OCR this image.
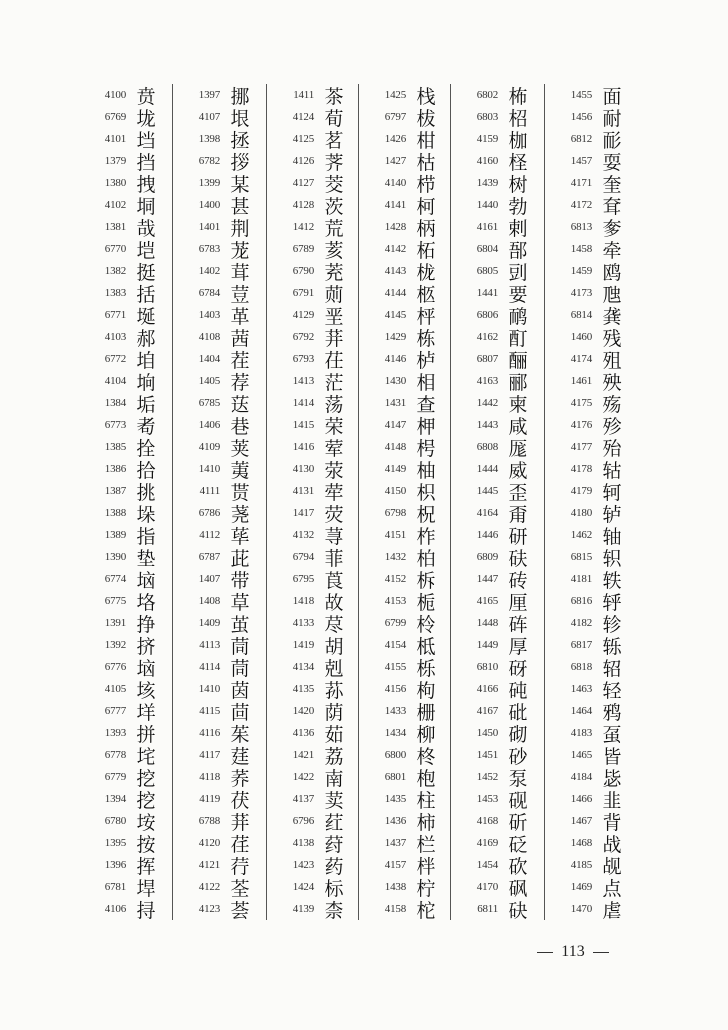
4100 贲
6769 垅
4101 垱
1379 挡
1380 拽
4102 垌
1381 哉
6770 垲
1382 挺
1383 括
6771 埏
4103 郝
6772 垍
4104 垧
1384 垢
6773 耇
1385 拴
1386 拾
1387 挑
1388 垛
1389 指
1390 垫
6774 垴
6775 垎
1391 挣
1392 挤
6776 垴
4105 垓
6777 垟
1393 拼
6778 垞
6779 挖
1394 挖
6780 垵
1395 按
1396 挥
6781 垾
4106 挦
1397 挪
4107 垠
1398 拯
6782 拶
1399 某
1400 甚
1401 荆
6783 茏
1402 茸
6784 荳
1403 革
4108 茜
1404 茬
1405 荐
6785 荙
1406 巷
4109 荚
1410 荑
4111 贳
6786 荛
4112 荜
6787 茈
1407 带
1408 草
1409 茧
4113 茼
4114 茼
1410 茵
4115 茴
4116 茱
4117 莛
4118 荞
4119 茯
6788 荓
4120 荏
4121 荇
4122 荃
4123 荟
1411 茶
4124 荀
4125 茗
4126 荠
4127 茭
4128 茨
1412 荒
6789 荄
6790 茺
6791 荝
4129 垩
6792 荓
6793 茌
1413 茫
1414 荡
1415 荣
1416 荤
4130 荥
4131 荦
1417 荧
4132 荨
6794 菲
6795 莨
1418 故
4133 荩
1419 胡
4134 剋
4135 荪
1420 荫
4136 茹
1421 荔
1422 南
4137 荬
6796 荭
4138 荮
1423 药
1424 标
4139 柰
1425 栈
6797 柭
1426 柑
1427 枯
4140 栉
4141 柯
1428 柄
4142 柘
4143 栊
4144 柩
4145 枰
1429 栋
4146 栌
1430 相
1431 查
4147 柙
4148 枵
4149 柚
4150 枳
6798 柷
4151 柞
1432 柏
4152 柝
4153 栀
6799 柃
4154 柢
4155 栎
4156 枸
1433 栅
1434 柳
6800 柊
6801 枹
1435 柱
1436 柿
1437 栏
4157 柈
1438 柠
4158 柁
6802 柨
6803 柖
4159 枷
4160 柽
1439 树
1440 勃
4161 剌
6804 郚
6805 剅
1441 要
6806 鸸
4162 酊
6807 酾
4163 郦
1442 柬
1443 咸
6808 厖
1444 威
1445 歪
4164 甭
1446 研
6809 砆
1447 砖
4165 厘
1448 砗
1449 厚
6810 砑
4166 砘
4167 砒
1450 砌
1451 砂
1452 泵
1453 砚
4168 斫
4169 砭
1454 砍
4170 砜
6811 砄
1455 面
1456 耐
6812 耏
1457 耍
4171 奎
4172 耷
6813 奓
1458 牵
1459 鸥
4173 虺
6814 龚
1460 残
4174 殂
1461 殃
4175 殇
4176 殄
4177 殆
4178 轱
4179 轲
4180 轳
1462 轴
6815 轵
4181 轶
6816 轷
4182 轸
6817 轹
6818 轺
1463 轻
1464 鸦
4183 虿
1465 皆
4184 毖
1466 韭
1467 背
1468 战
4185 觇
1469 点
1470 虐
113
